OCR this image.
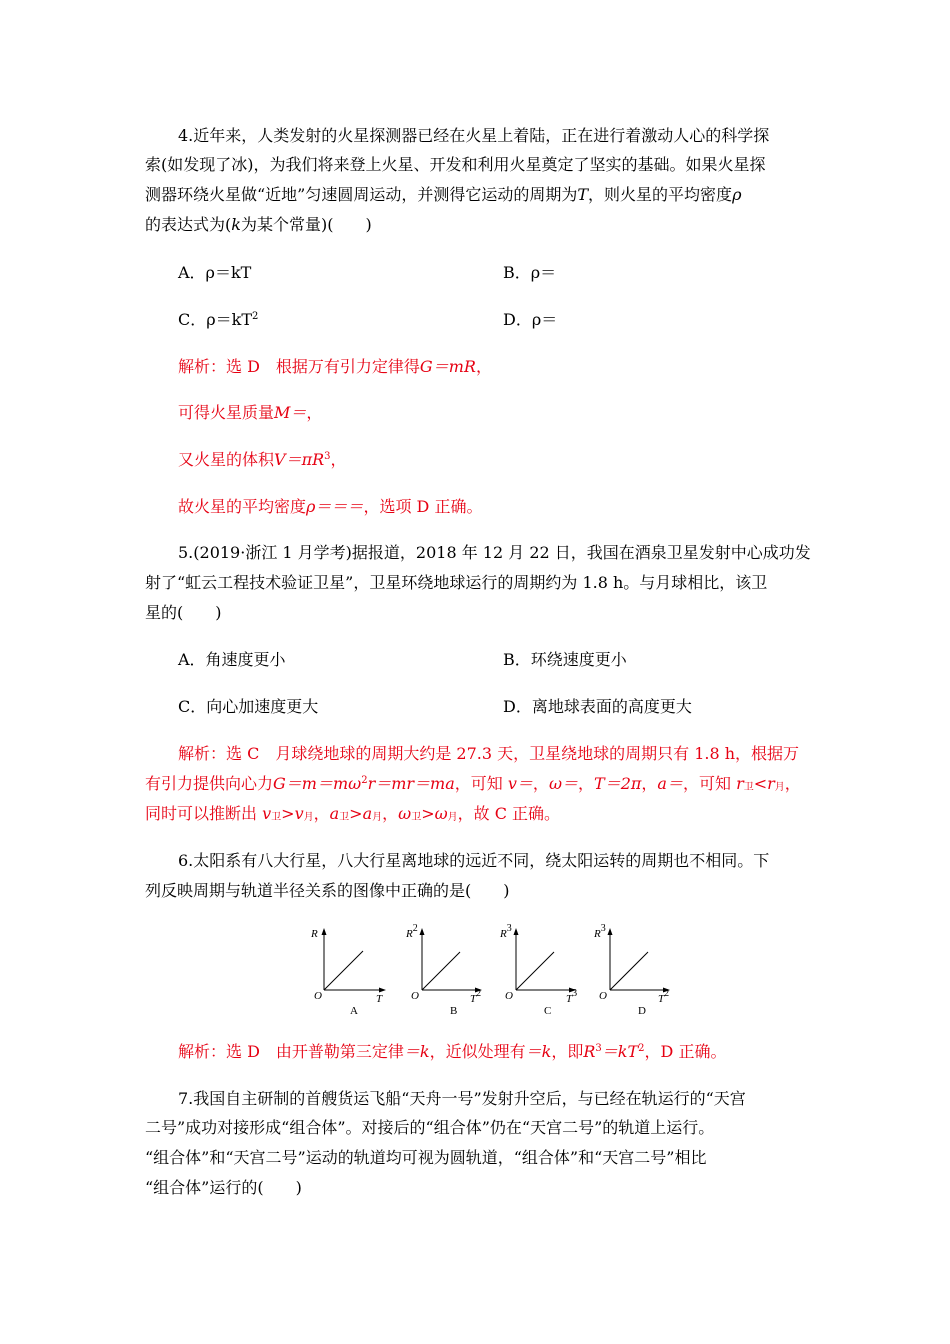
4.近年来，人类发射的火星探测器已经在火星上着陆，正在进行着激动人心的科学探
索(如发现了冰)，为我们将来登上火星、开发和利用火星奠定了坚实的基础。如果火星探
测器环绕火星做“近地”匀速圆周运动，并测得它运动的周期为T，则火星的平均密度ρ
的表达式为(k为某个常量)(　　)
A．ρ＝kT	B．ρ＝
C．$\rho=kT^2$	D．ρ＝
解析：选 D　根据万有引力定律得G＝mR，
可得火星质量M＝，
又火星的体积$V=\pi R^3$，
故火星的平均密度ρ＝＝＝，选项 D 正确。
5.(2019·浙江 1 月学考)据报道，2018 年 12 月 22 日，我国在酒泉卫星发射中心成功发
射了“虹云工程技术验证卫星”，卫星环绕地球运行的周期约为 1.8 h。与月球相比，该卫
星的(　　)
A．角速度更小	B．环绕速度更小
C．向心加速度更大	D．离地球表面的高度更大
解析：选 C　月球绕地球的周期大约是 27.3 天，卫星绕地球的周期只有 1.8 h，根据万
有引力提供向心力$G=m=m\omega^2r=mr=ma$，可知 v＝，ω＝，T＝2π，a＝，可知 r卫<r月，
同时可以推断出 v卫>v月，a卫>a月，ω卫>ω月，故 C 正确。
6.太阳系有八大行星，八大行星离地球的远近不同，绕太阳运转的周期也不相同。下
列反映周期与轨道半径关系的图像中正确的是(　　)
R
O	T
A
$R^2$
O	$T^2$
B
$R^3$
O	$T^3$
C
$R^3$
O	$T^2$
D
解析：选 D　由开普勒第三定律＝k，近似处理有＝k，即$R^3=kT^2$，D 正确。
7.我国自主研制的首艘货运飞船“天舟一号”发射升空后，与已经在轨运行的“天宫
二号”成功对接形成“组合体”。对接后的“组合体”仍在“天宫二号”的轨道上运行。
“组合体”和“天宫二号”运动的轨道均可视为圆轨道，“组合体”和“天宫二号”相比
“组合体”运行的(　　)
